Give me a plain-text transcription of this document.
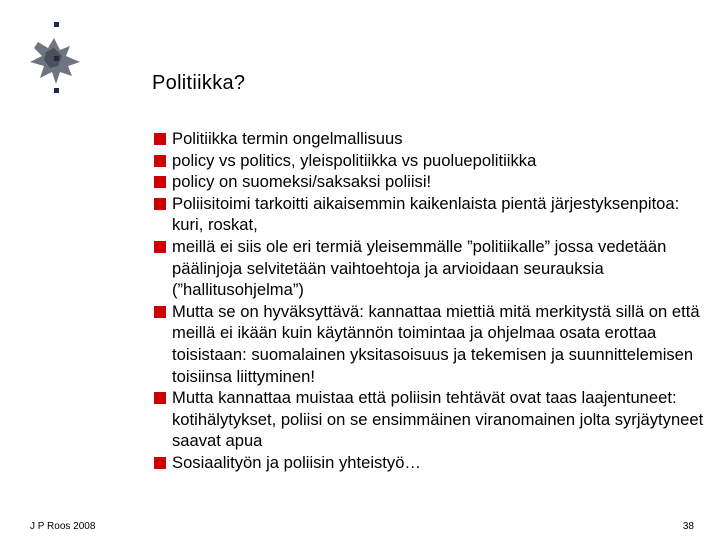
Politiikka?
Politiikka termin ongelmallisuus
policy vs politics, yleispolitiikka vs puoluepolitiikka
policy on suomeksi/saksaksi poliisi!
Poliisitoimi tarkoitti aikaisemmin kaikenlaista pientä järjestyksenpitoa: kuri, roskat,
meillä ei siis ole eri termiä yleisemmälle ”politiikalle” jossa vedetään päälinjoja selvitetään vaihtoehtoja ja arvioidaan seurauksia (”hallitusohjelma”)
Mutta se on hyväksyttävä: kannattaa miettiä mitä merkitystä sillä on että meillä ei ikään kuin käytännön toimintaa ja ohjelmaa osata erottaa toisistaan: suomalainen yksitasoisuus ja tekemisen ja suunnittelemisen toisiinsa liittyminen!
Mutta kannattaa muistaa että poliisin tehtävät ovat taas laajentuneet: kotihälytykset, poliisi on se ensimmäinen viranomainen jolta syrjäytyneet saavat apua
Sosiaalityön ja poliisin yhteistyö…
J P Roos 2008	38
